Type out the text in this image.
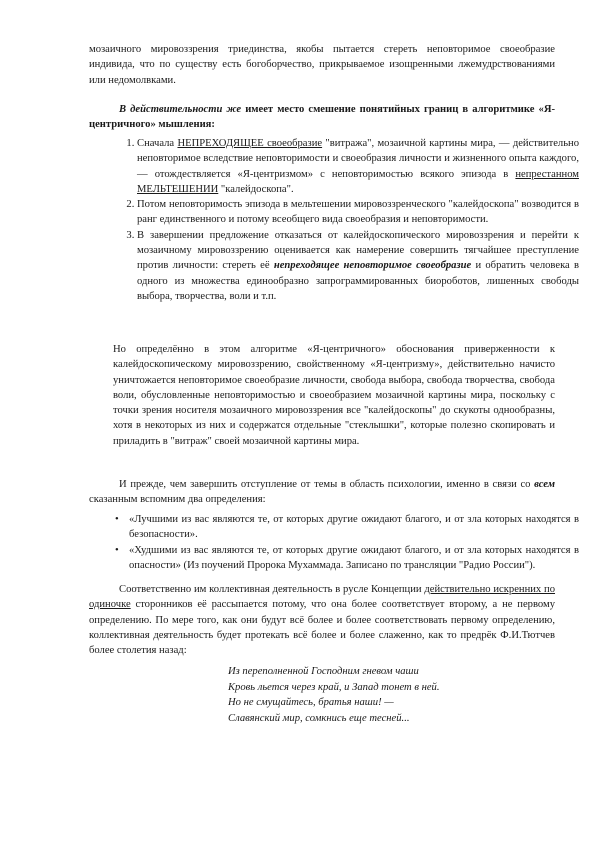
мозаичного мировоззрения триединства, якобы пытается стереть неповторимое своеобразие индивида, что по существу есть богоборчество, прикрываемое изощренными лжемудрствованиями или недомолвками.
В действительности же имеет место смешение понятийных границ в алгоритмике «Я-центричного» мышления:
1. Сначала НЕПРЕХОДЯЩЕЕ своеобразие "витража", мозаичной картины мира, — действительно неповторимое вследствие неповторимости и своеобразия личности и жизненного опыта каждого, — отождествляется «Я-центризмом» с неповторимостью всякого эпизода в непрестанном МЕЛЬТЕШЕНИИ "калейдоскопа".
2. Потом неповторимость эпизода в мельтешении мировоззренческого "калейдоскопа" возводится в ранг единственного и потому всеобщего вида своеобразия и неповторимости.
3. В завершении предложение отказаться от калейдоскопического мировоззрения и перейти к мозаичному мировоззрению оценивается как намерение совершить тягчайшее преступление против личности: стереть её непреходящее неповторимое своеобразие и обратить человека в одного из множества единообразно запрограммированных биороботов, лишенных свободы выбора, творчества, воли и т.п.
Но определённо в этом алгоритме «Я-центричного» обоснования приверженности к калейдоскопическому мировоззрению, свойственному «Я-центризму», действительно начисто уничтожается неповторимое своеобразие личности, свобода выбора, свобода творчества, свобода воли, обусловленные неповторимостью и своеобразием мозаичной картины мира, поскольку с точки зрения носителя мозаичного мировоззрения все "калейдоскопы" до скукоты однообразны, хотя в некоторых из них и содержатся отдельные "стеклышки", которые полезно скопировать и приладить в "витраж" своей мозаичной картины мира.
И прежде, чем завершить отступление от темы в область психологии, именно в связи со всем сказанным вспомним два определения:
• «Лучшими из вас являются те, от которых другие ожидают благого, и от зла которых находятся в безопасности».
• «Худшими из вас являются те, от которых другие ожидают благого, и от зла которых находятся в опасности» (Из поучений Пророка Мухаммада. Записано по трансляции "Радио России").
Соответственно им коллективная деятельность в русле Концепции действительно искренних по одиночке сторонников её рассыпается потому, что она более соответствует второму, а не первому определению. По мере того, как они будут всё более и более соответствовать первому определению, коллективная деятельность будет протекать всё более и более слаженно, как то предрёк Ф.И.Тютчев более столетия назад:
Из переполненной Господним гневом чаши
Кровь льется через край, и Запад тонет в ней.
Но не смущайтесь, братья наши! —
Славянский мир, сомкнись еще тесней...
